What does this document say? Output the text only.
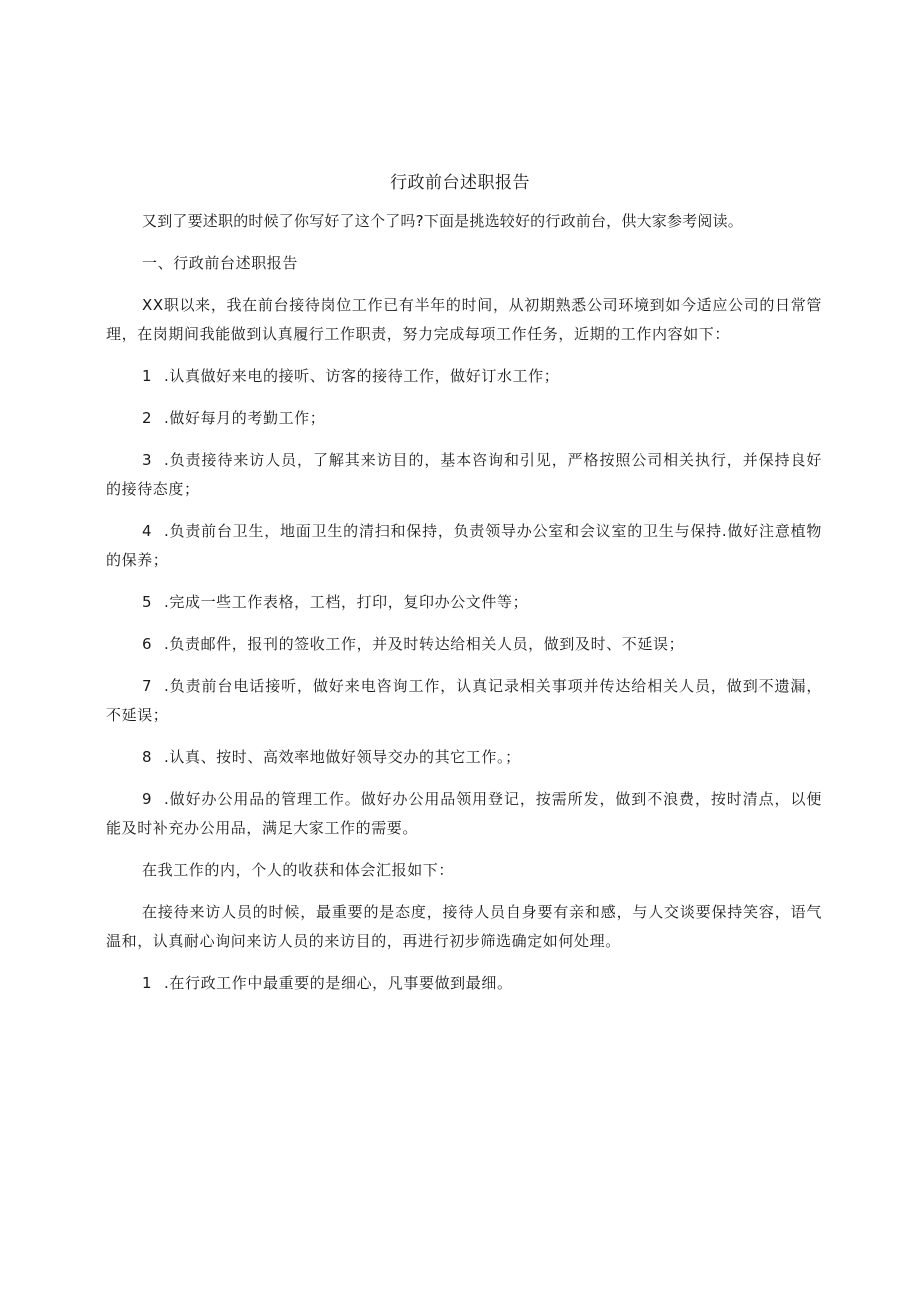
行政前台述职报告

又到了要述职的时候了你写好了这个了吗?下面是挑选较好的行政前台，供大家参考阅读。

一、行政前台述职报告

XX职以来，我在前台接待岗位工作已有半年的时间，从初期熟悉公司环境到如今适应公司的日常管理，在岗期间我能做到认真履行工作职责，努力完成每项工作任务，近期的工作内容如下：

1 .认真做好来电的接听、访客的接待工作，做好订水工作；

2 .做好每月的考勤工作；

3 .负责接待来访人员，了解其来访目的，基本咨询和引见，严格按照公司相关执行，并保持良好的接待态度；

4 .负责前台卫生，地面卫生的清扫和保持，负责领导办公室和会议室的卫生与保持.做好注意植物的保养；

5 .完成一些工作表格，工档，打印，复印办公文件等；

6 .负责邮件，报刊的签收工作，并及时转达给相关人员，做到及时、不延误；

7 .负责前台电话接听，做好来电咨询工作，认真记录相关事项并传达给相关人员，做到不遗漏，不延误；

8 .认真、按时、高效率地做好领导交办的其它工作。；

9 .做好办公用品的管理工作。做好办公用品领用登记，按需所发，做到不浪费，按时清点，以便能及时补充办公用品，满足大家工作的需要。

在我工作的内，个人的收获和体会汇报如下：

在接待来访人员的时候，最重要的是态度，接待人员自身要有亲和感，与人交谈要保持笑容，语气温和，认真耐心询问来访人员的来访目的，再进行初步筛选确定如何处理。

1 .在行政工作中最重要的是细心，凡事要做到最细。
